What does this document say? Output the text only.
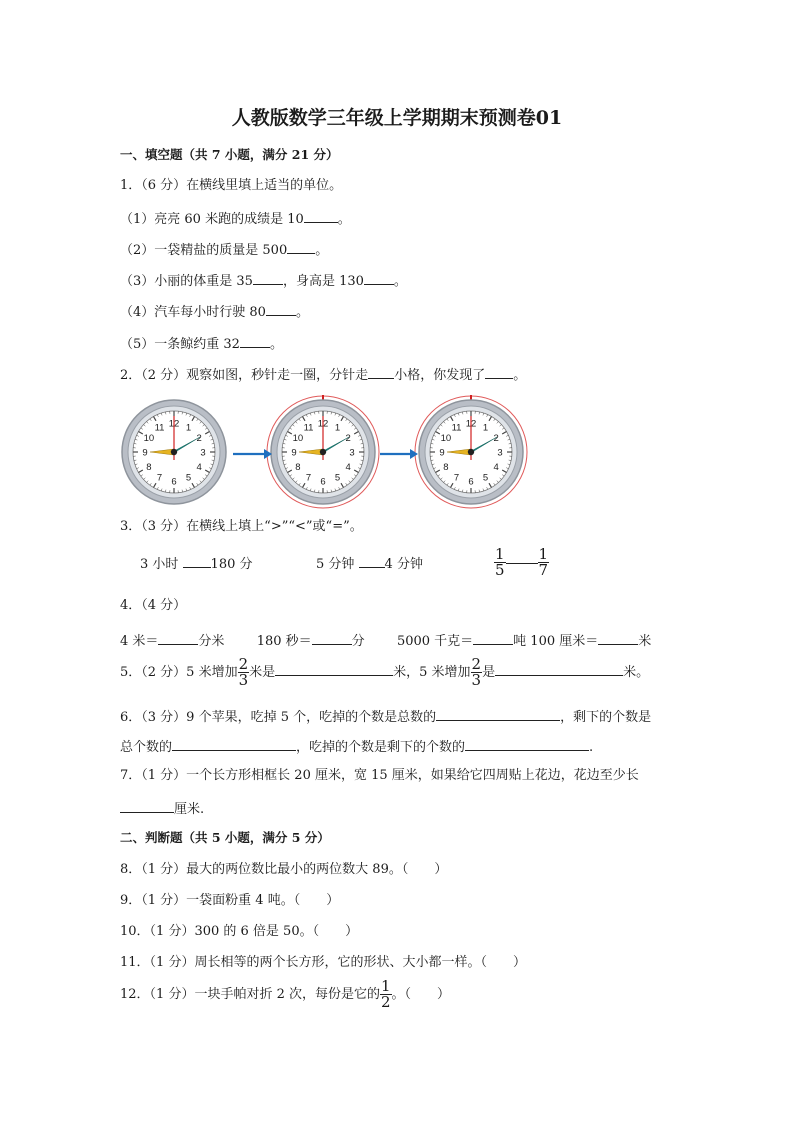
人教版数学三年级上学期期末预测卷01
一、填空题（共 7 小题，满分 21 分）
1．（6 分）在横线里填上适当的单位。
（1）亮亮 60 米跑的成绩是 10	。
（2）一袋精盐的质量是 500 。
（3）小丽的体重是 35 ，身高是 130 。
（4）汽车每小时行驶 80 。
（5）一条鲸约重 32 。
2．（2 分）观察如图，秒针走一圈，分针走 小格，你发现了 。
12 1
2
3
4
5
6
7
8
9
10
11	12 1
2
3
4
5
6
7
8
9
10
11	12 1
2
3
4
5
6
7
8
9
10
11
3．（3 分）在横线上填上“>”“<”或“=”。
3 小时 180 分	5 分钟 4 分钟	$\frac{1}{5} \frac{1}{7}$
4．（4 分）
4 米＝	分米 180 秒＝	分 5000 千克＝	吨 100 厘米＝	米
5．（2 分）5 米增加 $\frac{2}{3}$ 米是	米，5 米增加 $\frac{2}{3}$ 是	米。
6．（3 分）9 个苹果，吃掉 5 个，吃掉的个数是总数的	，剩下的个数是
总个数的	，吃掉的个数是剩下的个数的	.
7．（1 分）一个长方形相框长 20 厘米，宽 15 厘米，如果给它四周贴上花边，花边至少长
厘米.
二、判断题（共 5 小题，满分 5 分）
8．（1 分）最大的两位数比最小的两位数大 89。（　　）
9．（1 分）一袋面粉重 4 吨。（　　）
10．（1 分）300 的 6 倍是 50。（　　）
11．（1 分）周长相等的两个长方形，它的形状、大小都一样。（　　）
12．（1 分）一块手帕对折 2 次，每份是它的 $\frac{1}{2}$ 。（　　）
